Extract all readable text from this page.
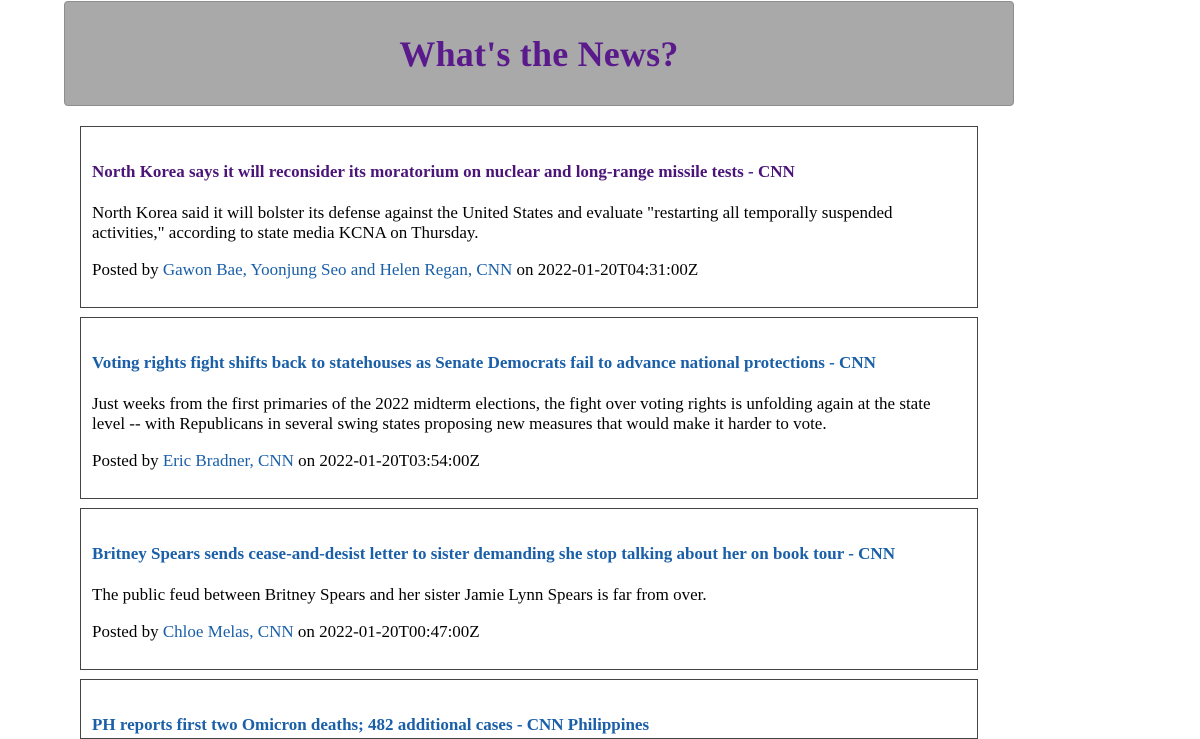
What's the News?
North Korea says it will reconsider its moratorium on nuclear and long-range missile tests - CNN

North Korea said it will bolster its defense against the United States and evaluate "restarting all temporally suspended activities," according to state media KCNA on Thursday.

Posted by Gawon Bae, Yoonjung Seo and Helen Regan, CNN on 2022-01-20T04:31:00Z

Voting rights fight shifts back to statehouses as Senate Democrats fail to advance national protections - CNN

Just weeks from the first primaries of the 2022 midterm elections, the fight over voting rights is unfolding again at the state level -- with Republicans in several swing states proposing new measures that would make it harder to vote.

Posted by Eric Bradner, CNN on 2022-01-20T03:54:00Z

Britney Spears sends cease-and-desist letter to sister demanding she stop talking about her on book tour - CNN

The public feud between Britney Spears and her sister Jamie Lynn Spears is far from over.

Posted by Chloe Melas, CNN on 2022-01-20T00:47:00Z

PH reports first two Omicron deaths; 482 additional cases - CNN Philippines
